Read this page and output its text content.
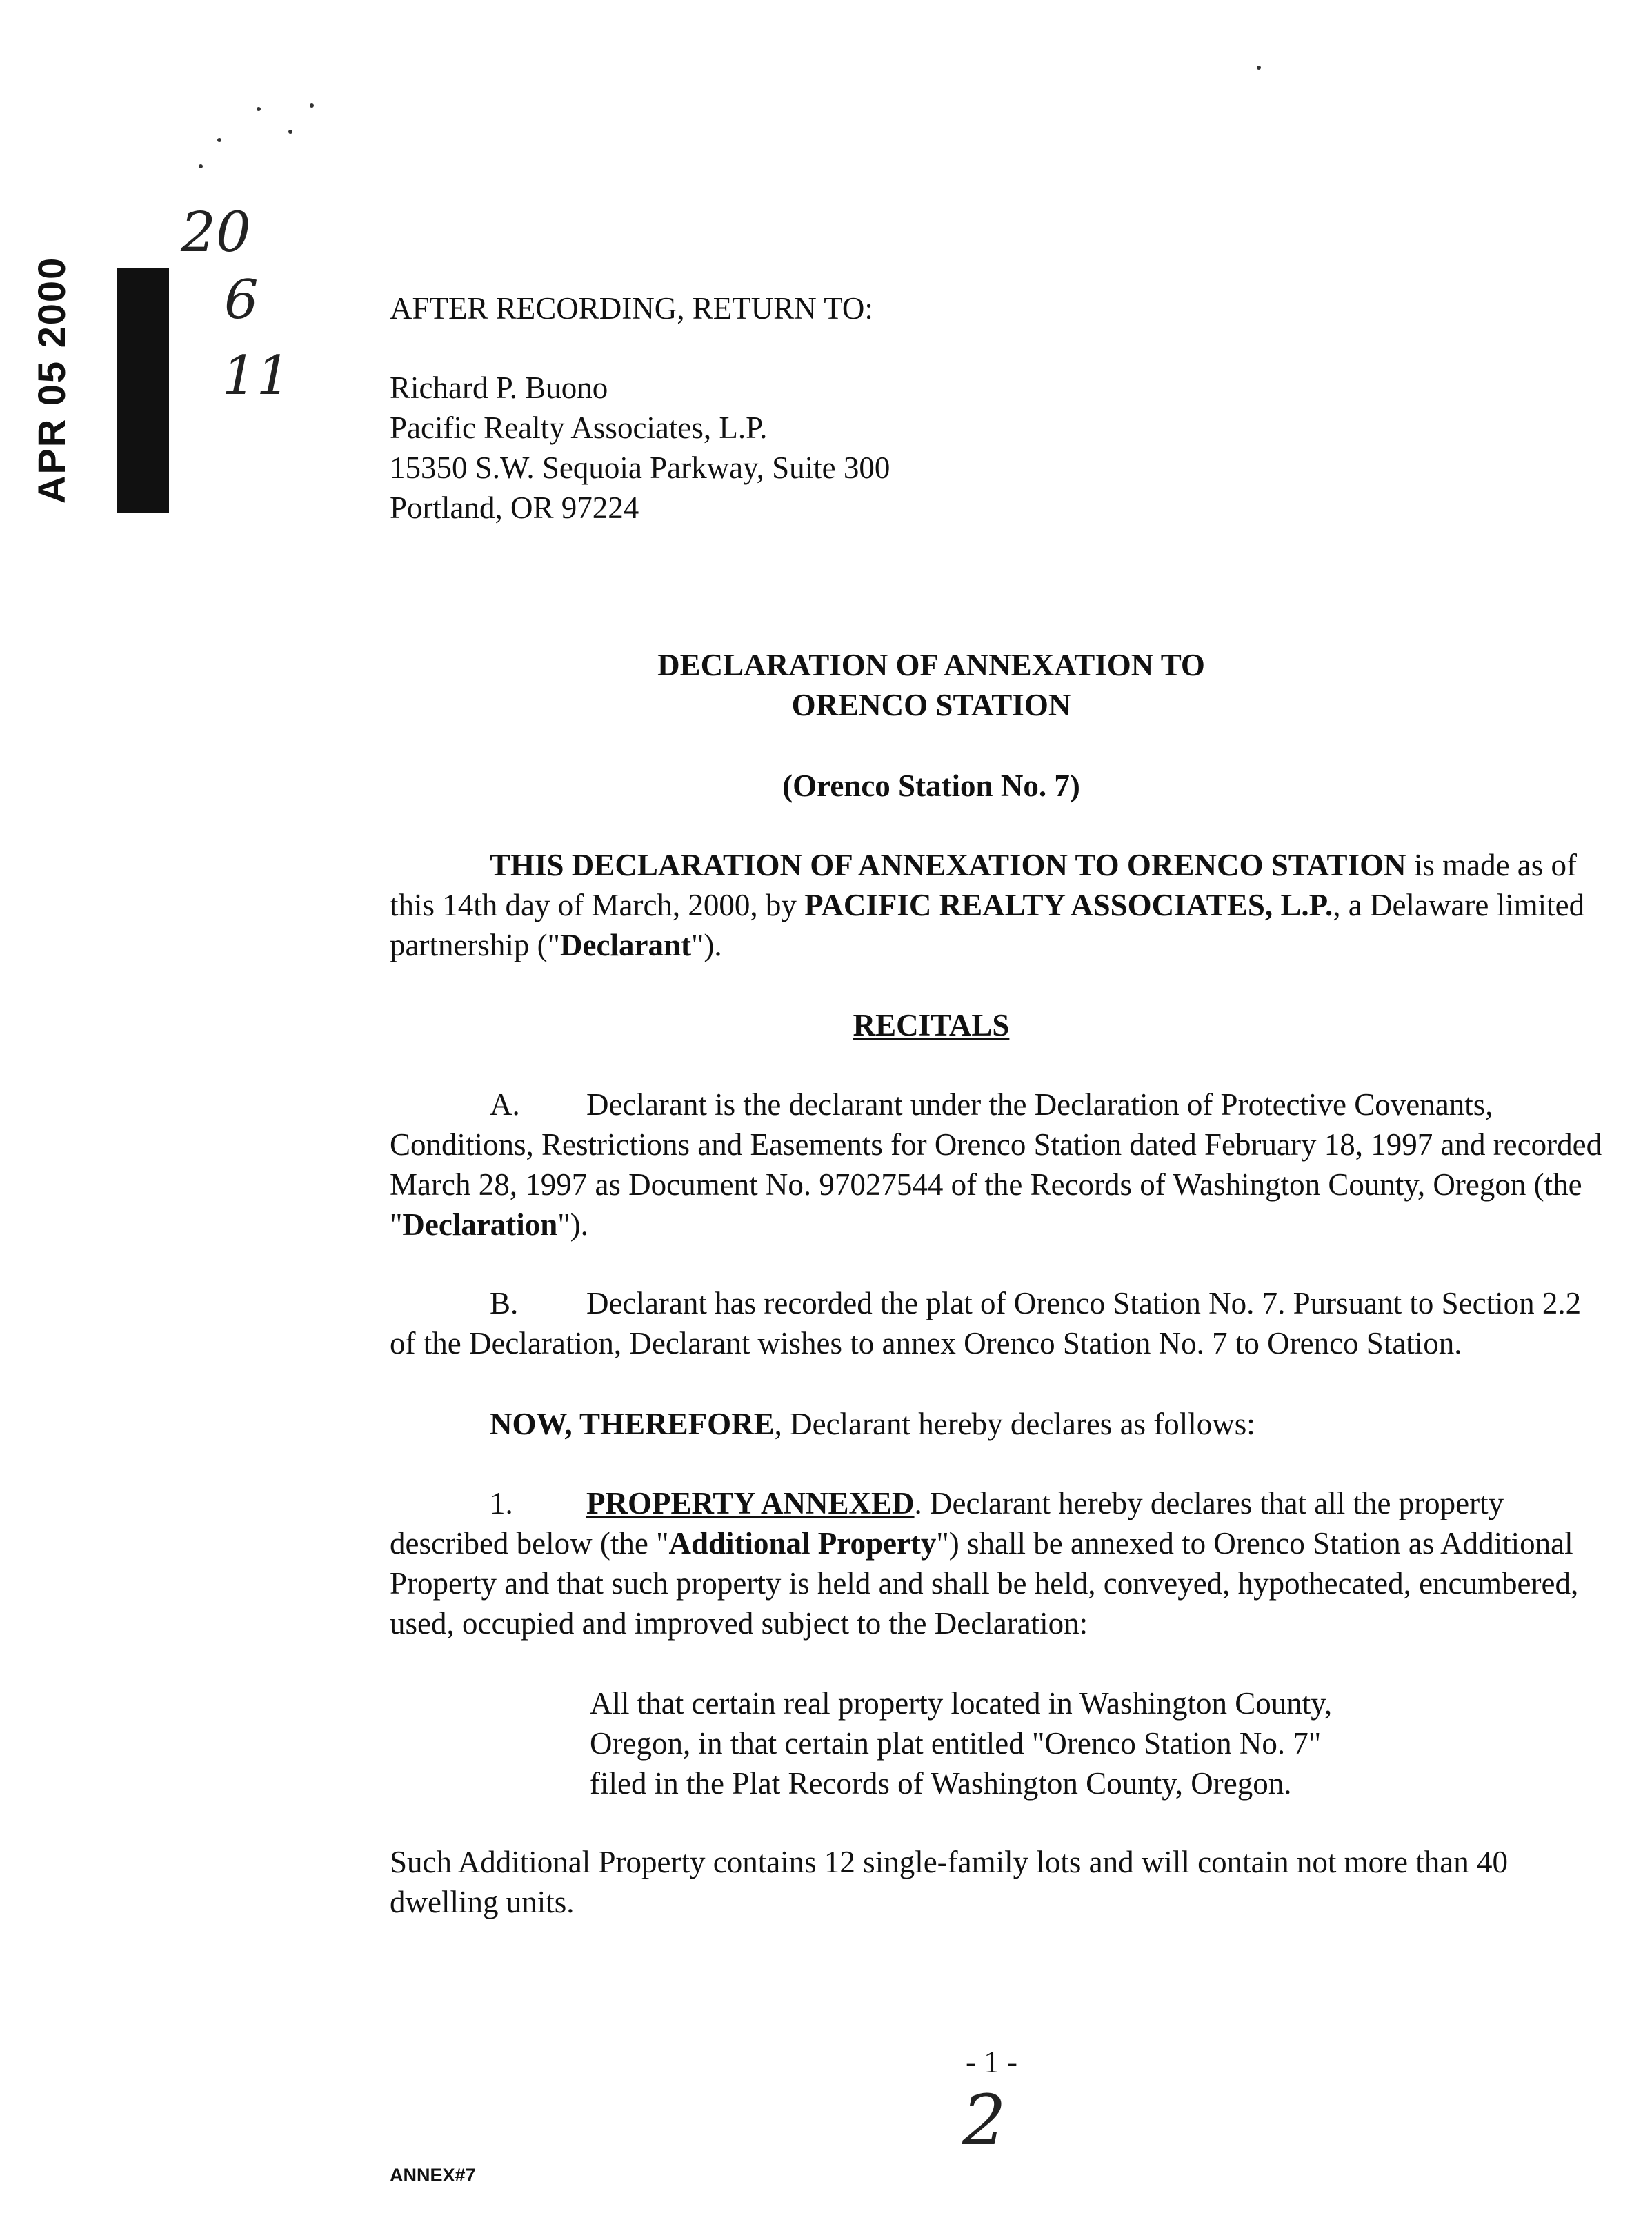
APR 05 2000
20
6
11
AFTER RECORDING, RETURN TO:
Richard P. Buono
Pacific Realty Associates, L.P.
15350 S.W. Sequoia Parkway, Suite 300
Portland, OR 97224
DECLARATION OF ANNEXATION TO
ORENCO STATION
(Orenco Station No. 7)
THIS DECLARATION OF ANNEXATION TO ORENCO STATION is made as of this 14th day of March, 2000, by PACIFIC REALTY ASSOCIATES, L.P., a Delaware limited partnership ("Declarant").
RECITALS
A. Declarant is the declarant under the Declaration of Protective Covenants, Conditions, Restrictions and Easements for Orenco Station dated February 18, 1997 and recorded March 28, 1997 as Document No. 97027544 of the Records of Washington County, Oregon (the "Declaration").
B. Declarant has recorded the plat of Orenco Station No. 7. Pursuant to Section 2.2 of the Declaration, Declarant wishes to annex Orenco Station No. 7 to Orenco Station.
NOW, THEREFORE, Declarant hereby declares as follows:
1. PROPERTY ANNEXED. Declarant hereby declares that all the property described below (the "Additional Property") shall be annexed to Orenco Station as Additional Property and that such property is held and shall be held, conveyed, hypothecated, encumbered, used, occupied and improved subject to the Declaration:
All that certain real property located in Washington County,
Oregon, in that certain plat entitled "Orenco Station No. 7"
filed in the Plat Records of Washington County, Oregon.
Such Additional Property contains 12 single-family lots and will contain not more than 40 dwelling units.
- 1 -
2
ANNEX#7
